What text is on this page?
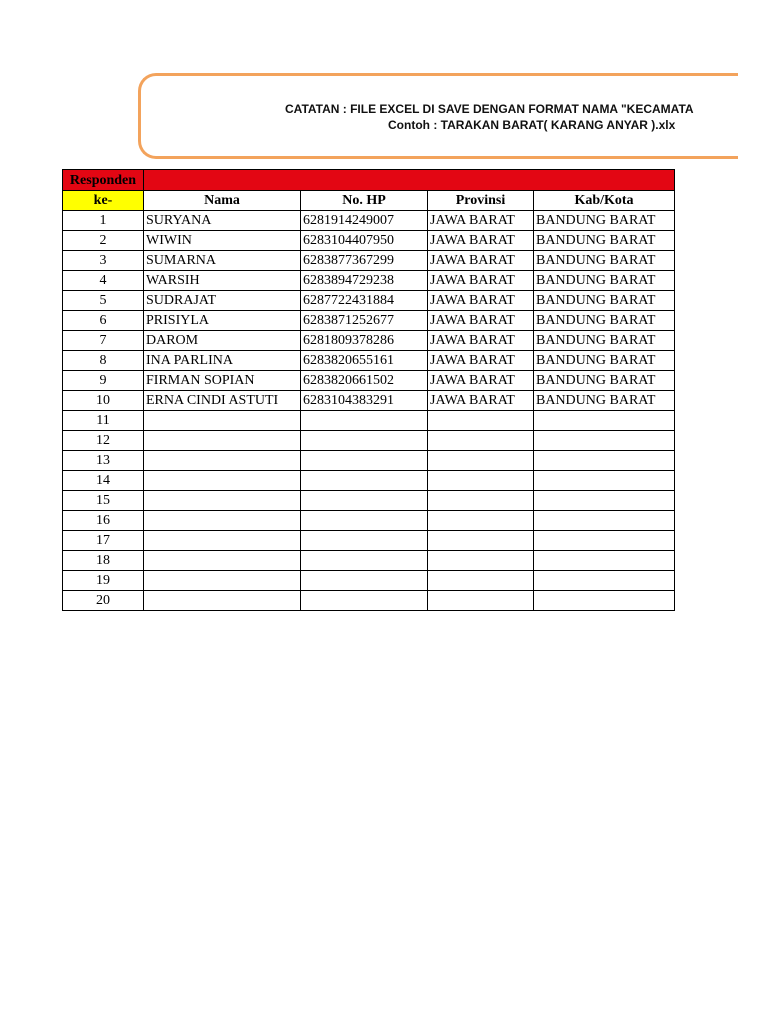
CATATAN : FILE EXCEL DI SAVE DENGAN FORMAT NAMA "KECAMATA
Contoh : TARAKAN BARAT( KARANG ANYAR ).xlx
Responden				
ke-	Nama	No. HP	Provinsi	Kab/Kota
1	SURYANA	6281914249007	JAWA BARAT	BANDUNG BARAT
2	WIWIN	6283104407950	JAWA BARAT	BANDUNG BARAT
3	SUMARNA	6283877367299	JAWA BARAT	BANDUNG BARAT
4	WARSIH	6283894729238	JAWA BARAT	BANDUNG BARAT
5	SUDRAJAT	6287722431884	JAWA BARAT	BANDUNG BARAT
6	PRISIYLA	6283871252677	JAWA BARAT	BANDUNG BARAT
7	DAROM	6281809378286	JAWA BARAT	BANDUNG BARAT
8	INA PARLINA	6283820655161	JAWA BARAT	BANDUNG BARAT
9	FIRMAN SOPIAN	6283820661502	JAWA BARAT	BANDUNG BARAT
10	ERNA CINDI ASTUTI	6283104383291	JAWA BARAT	BANDUNG BARAT
11				
12				
13				
14				
15				
16				
17				
18				
19				
20				
